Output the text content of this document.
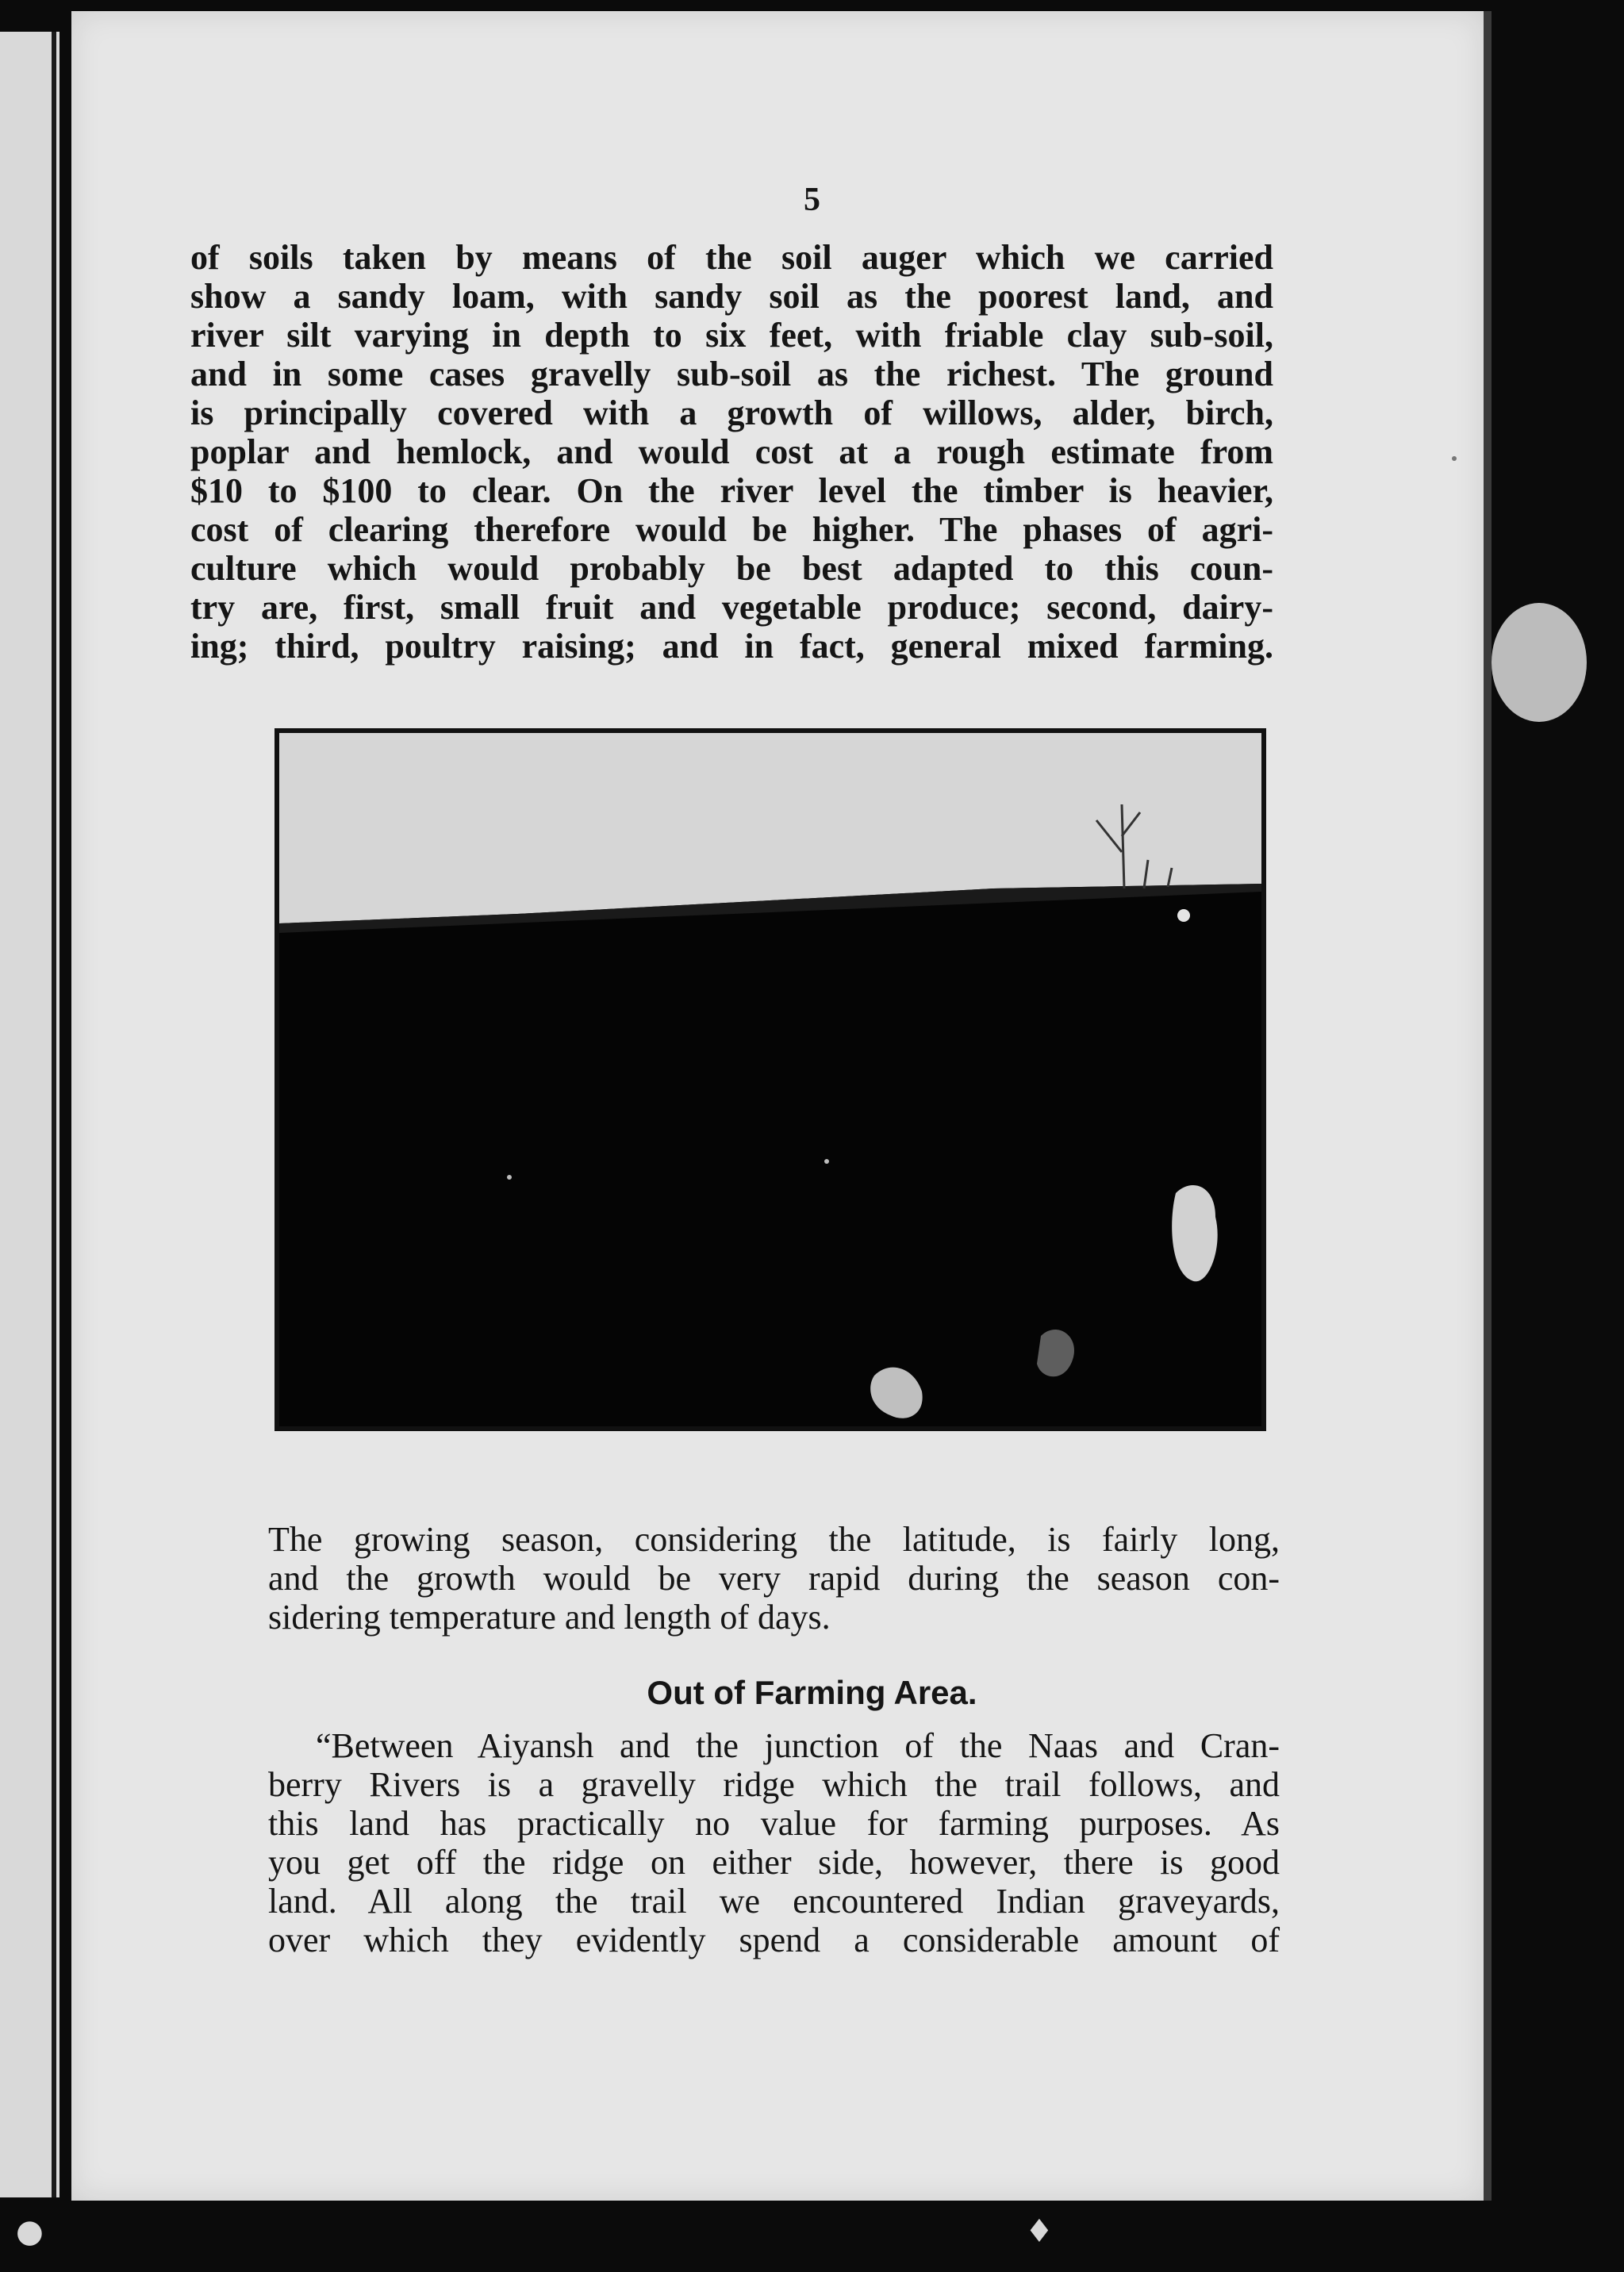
5
of soils taken by means of the soil auger which we carried
show a sandy loam, with sandy soil as the poorest land, and
river silt varying in depth to six feet, with friable clay sub-soil,
and in some cases gravelly sub-soil as the richest. The ground
is principally covered with a growth of willows, alder, birch,
poplar and hemlock, and would cost at a rough estimate from
$10 to $100 to clear. On the river level the timber is heavier,
cost of clearing therefore would be higher. The phases of agri-
culture which would probably be best adapted to this coun-
try are, first, small fruit and vegetable produce; second, dairy-
ing; third, poultry raising; and in fact, general mixed farming.
The growing season, considering the latitude, is fairly long,
and the growth would be very rapid during the season con-
sidering temperature and length of days.
Out of Farming Area.
“Between Aiyansh and the junction of the Naas and Cran-
berry Rivers is a gravelly ridge which the trail follows, and
this land has practically no value for farming purposes. As
you get off the ridge on either side, however, there is good
land. All along the trail we encountered Indian graveyards,
over which they evidently spend a considerable amount of
●	♦
